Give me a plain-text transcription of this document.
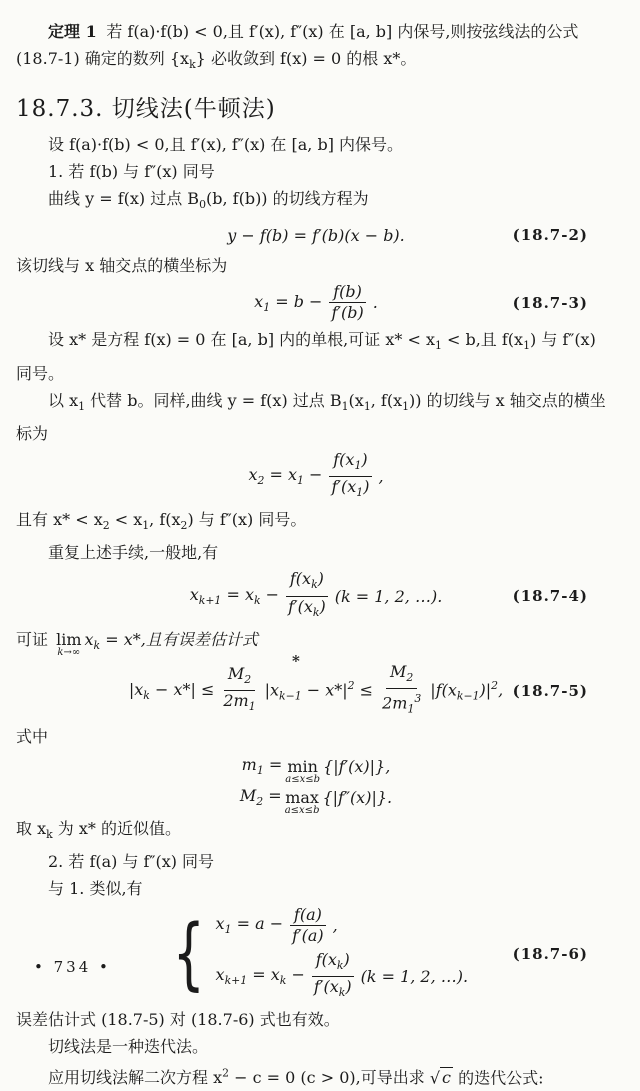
定理 1 若 f(a)·f(b) < 0,且 f′(x), f″(x) 在 [a, b] 内保号,则按弦线法的公式 (18.7-1) 确定的数列 $\{x_k\}$ 必收敛到 f(x) = 0 的根 x*。

18.7.3. 切线法(牛顿法)

设 f(a)·f(b) < 0,且 f′(x), f″(x) 在 [a, b] 内保号。

1. 若 f(b) 与 f″(x) 同号

曲线 y = f(x) 过点 $B_0(b$, f(b)) 的切线方程为

y − f(b) = f′(b)(x − b).	(18.7-2)

该切线与 x 轴交点的横坐标为

$x_1 = b - \frac{f(b)}{f'(b)}$ .	(18.7-3)

设 x* 是方程 f(x) = 0 在 [a, b] 内的单根,可证 $x* < x_1 < b$,且 $f(x_1)$ 与 f″(x) 同号。

以 $x_1$ 代替 b。同样,曲线 y = f(x) 过点 $B_1(x_1$, $f(x_1)$) 的切线与 x 轴交点的横坐标为

$x_2 = x_1 - \frac{f(x_1)}{f'(x_1)}$ ,

且有 $x* < x_2 < x_1$, $f(x_2)$ 与 f″(x) 同号。

重复上述手续,一般地,有

$x_{k+1} = x_k - \frac{f(x_k)}{f'(x_k)} (k = 1$, 2, …).	(18.7-4)

可证 lim
k→∞
$x_k = x*$,且有误差估计式

*
$|x_k - x*| \le \frac{M_2}{2m_1} |x_{k-1} - x*|^2 \le \frac{M_2}{2m_1^3} |f(x_{k-1})|^2$, (18.7-5)

式中

$m_1 = \min$
a≤x≤b
{|f′(x)|},
$M_2 = \max$
a≤x≤b
{|f″(x)|}.

取 $x_k$ 为 x* 的近似值。

2. 若 f(a) 与 f″(x) 同号

与 1. 类似,有

{ $x_1 = a - \frac{f(a)}{f'(a)}$ ,
$x_{k+1} = x_k - \frac{f(x_k)}{f'(x_k)} (k = 1$, 2, …).
(18.7-6)

误差估计式 (18.7-5) 对 (18.7-6) 式也有效。

切线法是一种迭代法。

应用切线法解二次方程 $x^2 - c = 0$ (c > 0),可导出求 √ c 的迭代公式:

• 734 •
